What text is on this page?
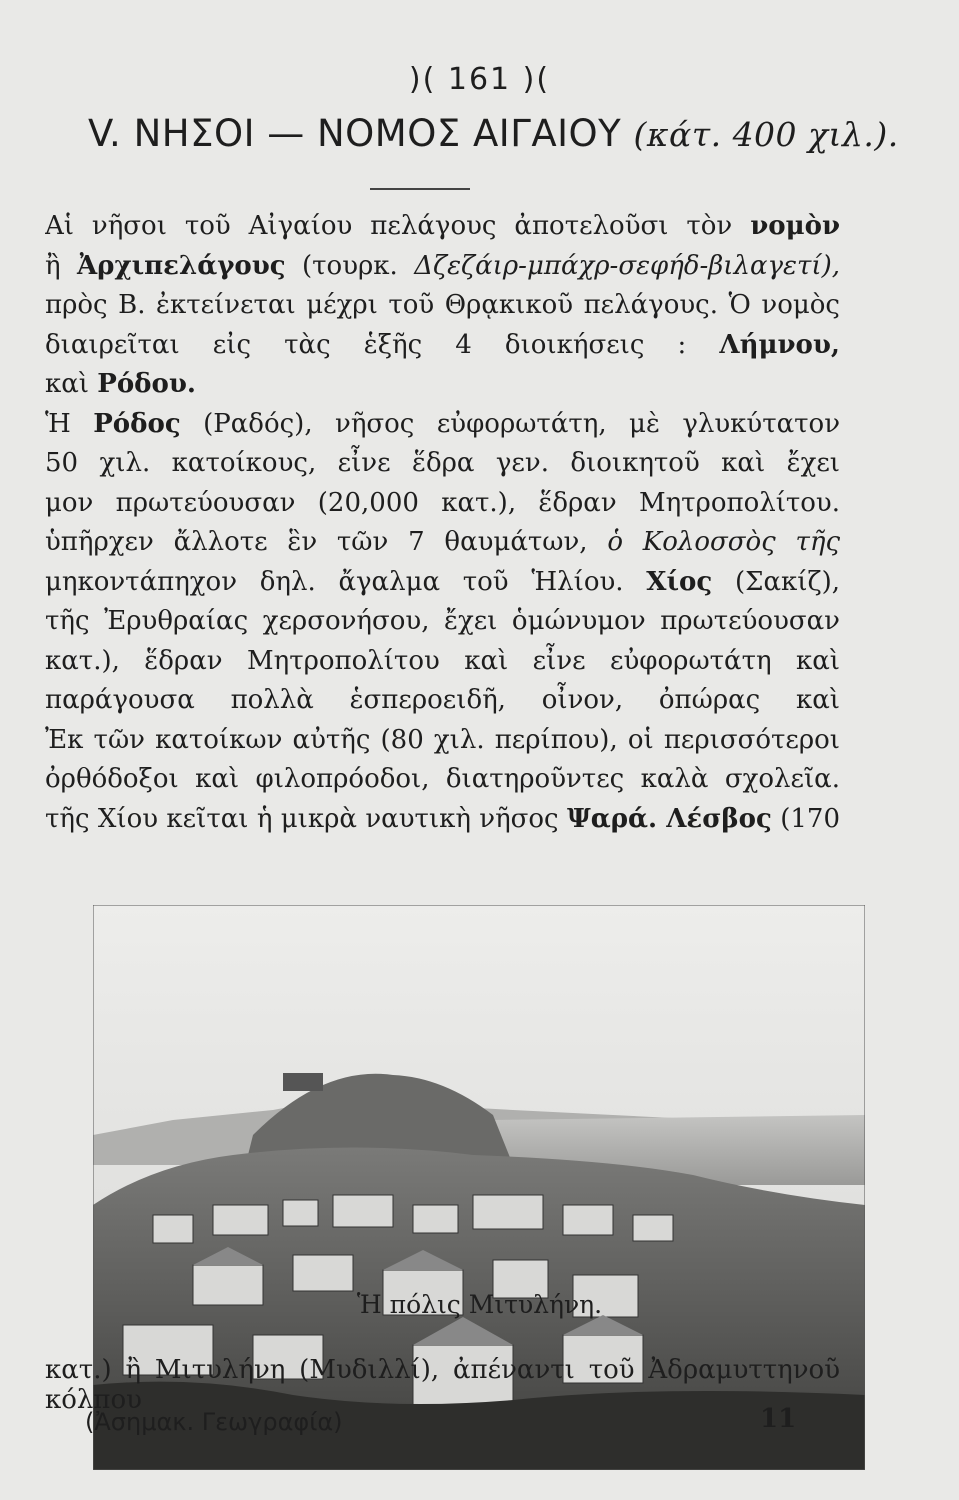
)( 161 )(
V. ΝΗΣΟΙ — ΝΟΜΟΣ ΑΙΓΑΙΟΥ (κάτ. 400 χιλ.).
Αἱ νῆσοι τοῦ Αἰγαίου πελάγους ἀποτελοῦσι τὸν νομὸν
ἢ Ἀρχιπελάγους (τουρκ. Δζεζάιρ-μπάχρ-σεφήδ-βιλαγετί),
πρὸς Β. ἐκτείνεται μέχρι τοῦ Θρᾳκικοῦ πελάγους. Ὁ νομὸς
διαιρεῖται εἰς τὰς ἑξῆς 4 διοικήσεις : Λήμνου,
καὶ Ρόδου.
Ἡ Ρόδος (Ραδός), νῆσος εὐφορωτάτη, μὲ γλυκύτατον
50 χιλ. κατοίκους, εἶνε ἕδρα γεν. διοικητοῦ καὶ ἔχει
μον πρωτεύουσαν (20,000 κατ.), ἕδραν Μητροπολίτου.
ὑπῆρχεν ἄλλοτε ἓν τῶν 7 θαυμάτων, ὁ Κολοσσὸς τῆς
μηκοντάπηχον δηλ. ἄγαλμα τοῦ Ἡλίου. Χίος (Σακίζ),
τῆς Ἐρυθραίας χερσονήσου, ἔχει ὁμώνυμον πρωτεύουσαν
κατ.), ἕδραν Μητροπολίτου καὶ εἶνε εὐφορωτάτη καὶ
παράγουσα πολλὰ ἑσπεροειδῆ, οἶνον, ὀπώρας καὶ
Ἐκ τῶν κατοίκων αὐτῆς (80 χιλ. περίπου), οἱ περισσότεροι
ὀρθόδοξοι καὶ φιλοπρόοδοι, διατηροῦντες καλὰ σχολεῖα.
τῆς Χίου κεῖται ἡ μικρὰ ναυτικὴ νῆσος Ψαρά. Λέσβος (170
Ἡ πόλις Μιτυλήνη.
κατ.) ἢ Μιτυλήνη (Μυδιλλί), ἀπέναντι τοῦ Ἀδραμυττηνοῦ κόλπου
(Ἀσημακ. Γεωγραφία)	11
